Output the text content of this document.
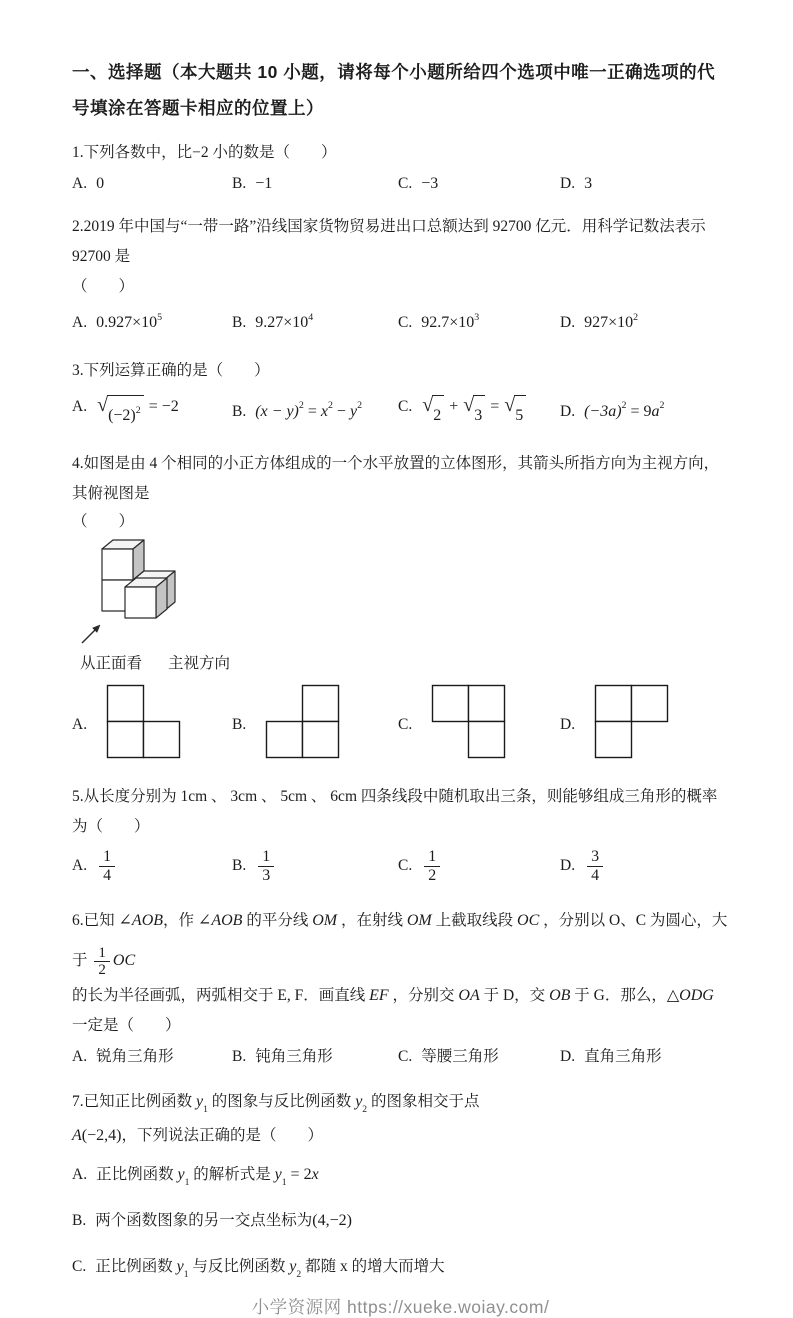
一、选择题（本大题共 10 小题，请将每个小题所给四个选项中唯一正确选项的代号填涂在答题卡相应的位置上）
1.下列各数中，比−2 小的数是（　　）
A. 0	B. −1	C. −3	D. 3
2.2019 年中国与“一带一路”沿线国家货物贸易进出口总额达到 92700 亿元．用科学记数法表示 92700 是
（　　）
A. $0.927\times 10^5$	B. $9.27\times 10^4$	C. $92.7\times 10^3$	D. $927\times 10^2$
3.下列运算正确的是（　　）
A. √ $(-2)^2 = -2$	B. $(x - y)^2 = x^2 - y^2$	C. √ 2
+ √ 3
= √ 5 D. $(-3a)^2 = 9a^2$
4.如图是由 4 个相同的小正方体组成的一个水平放置的立体图形，其箭头所指方向为主视方向，其俯视图是
（　　）
从正面看 主视方向
A.	B.	C.	D.
5.从长度分别为 1cm 、 3cm 、 5cm 、 6cm 四条线段中随机取出三条，则能够组成三角形的概率为（　　）
A. $\frac{1}{4}$	B. $\frac{1}{3}$	C. $\frac{1}{2}$	D. $\frac{3}{4}$
6.已知 ∠AOB，作 ∠AOB 的平分线 OM ，在射线 OM 上截取线段 OC ，分别以 O、C 为圆心，大于 $\frac{1}{2}$ OC
的长为半径画弧，两弧相交于 E, F．画直线 EF ，分别交 OA 于 D，交 OB 于 G．那么，△ODG 一定是（　　）
A. 锐角三角形	B. 钝角三角形	C. 等腰三角形	D. 直角三角形
7.已知正比例函数 $y_1$ 的图象与反比例函数 $y_2$ 的图象相交于点 A(−2,4)，下列说法正确的是（　　）
A. 正比例函数 $y_1$ 的解析式是 $y_1 = 2x$
B. 两个函数图象的另一交点坐标为(4,−2)
C. 正比例函数 $y_1$ 与反比例函数 $y_2$ 都随 x 的增大而增大
小学资源网 https://xueke.woiay.com/
